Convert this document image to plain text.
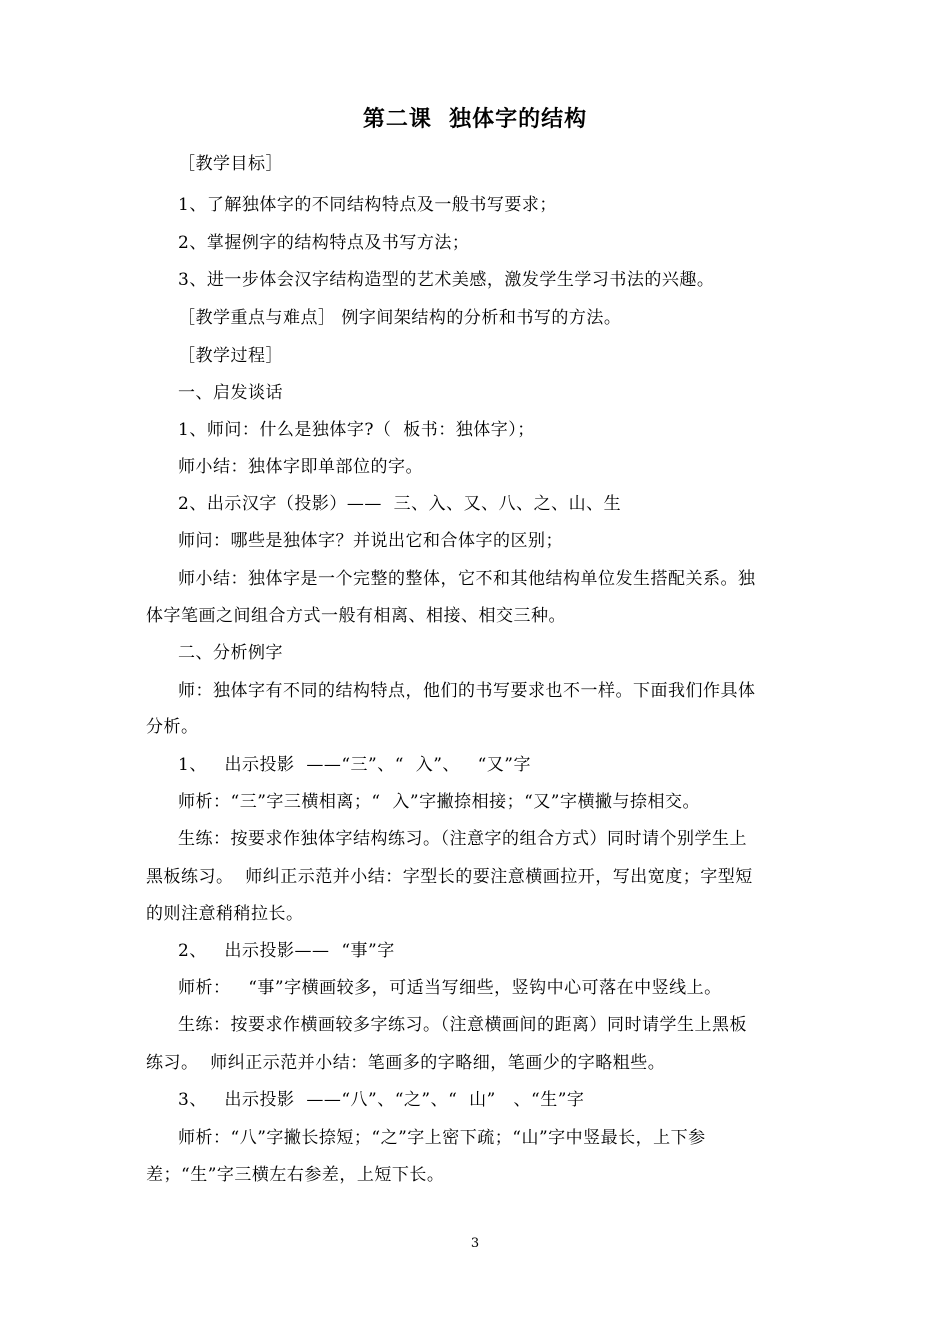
第二课  独体字的结构
［教学目标］
1、了解独体字的不同结构特点及一般书写要求；
2、掌握例字的结构特点及书写方法；
3、进一步体会汉字结构造型的艺术美感，激发学生学习书法的兴趣。
［教学重点与难点］ 例字间架结构的分析和书写的方法。
［教学过程］
一、启发谈话
1、师问：什么是独体字?（  板书：独体字）；
师小结：独体字即单部位的字。
2、出示汉字（投影）——  三、入、又、八、之、山、生
师问：哪些是独体字？并说出它和合体字的区别；
师小结：独体字是一个完整的整体，它不和其他结构单位发生搭配关系。独
体字笔画之间组合方式一般有相离、相接、相交三种。
二、分析例字
师：独体字有不同的结构特点，他们的书写要求也不一样。下面我们作具体
分析。
1、   出示投影  ——“三”、“  入”、   “又”字
师析：“三”字三横相离；“  入”字撇捺相接；“又”字横撇与捺相交。
生练：按要求作独体字结构练习。（注意字的组合方式）同时请个别学生上
黑板练习。  师纠正示范并小结：字型长的要注意横画拉开，写出宽度；字型短
的则注意稍稍拉长。
2、   出示投影——  “事”字
师析：   “事”字横画较多，可适当写细些，竖钩中心可落在中竖线上。
生练：按要求作横画较多字练习。（注意横画间的距离）同时请学生上黑板
练习。  师纠正示范并小结：笔画多的字略细，笔画少的字略粗些。
3、   出示投影  ——“八”、“之”、“  山”   、“生”字
师析：“八”字撇长捺短；“之”字上密下疏；“山”字中竖最长，上下参
差；“生”字三横左右参差，上短下长。
3
